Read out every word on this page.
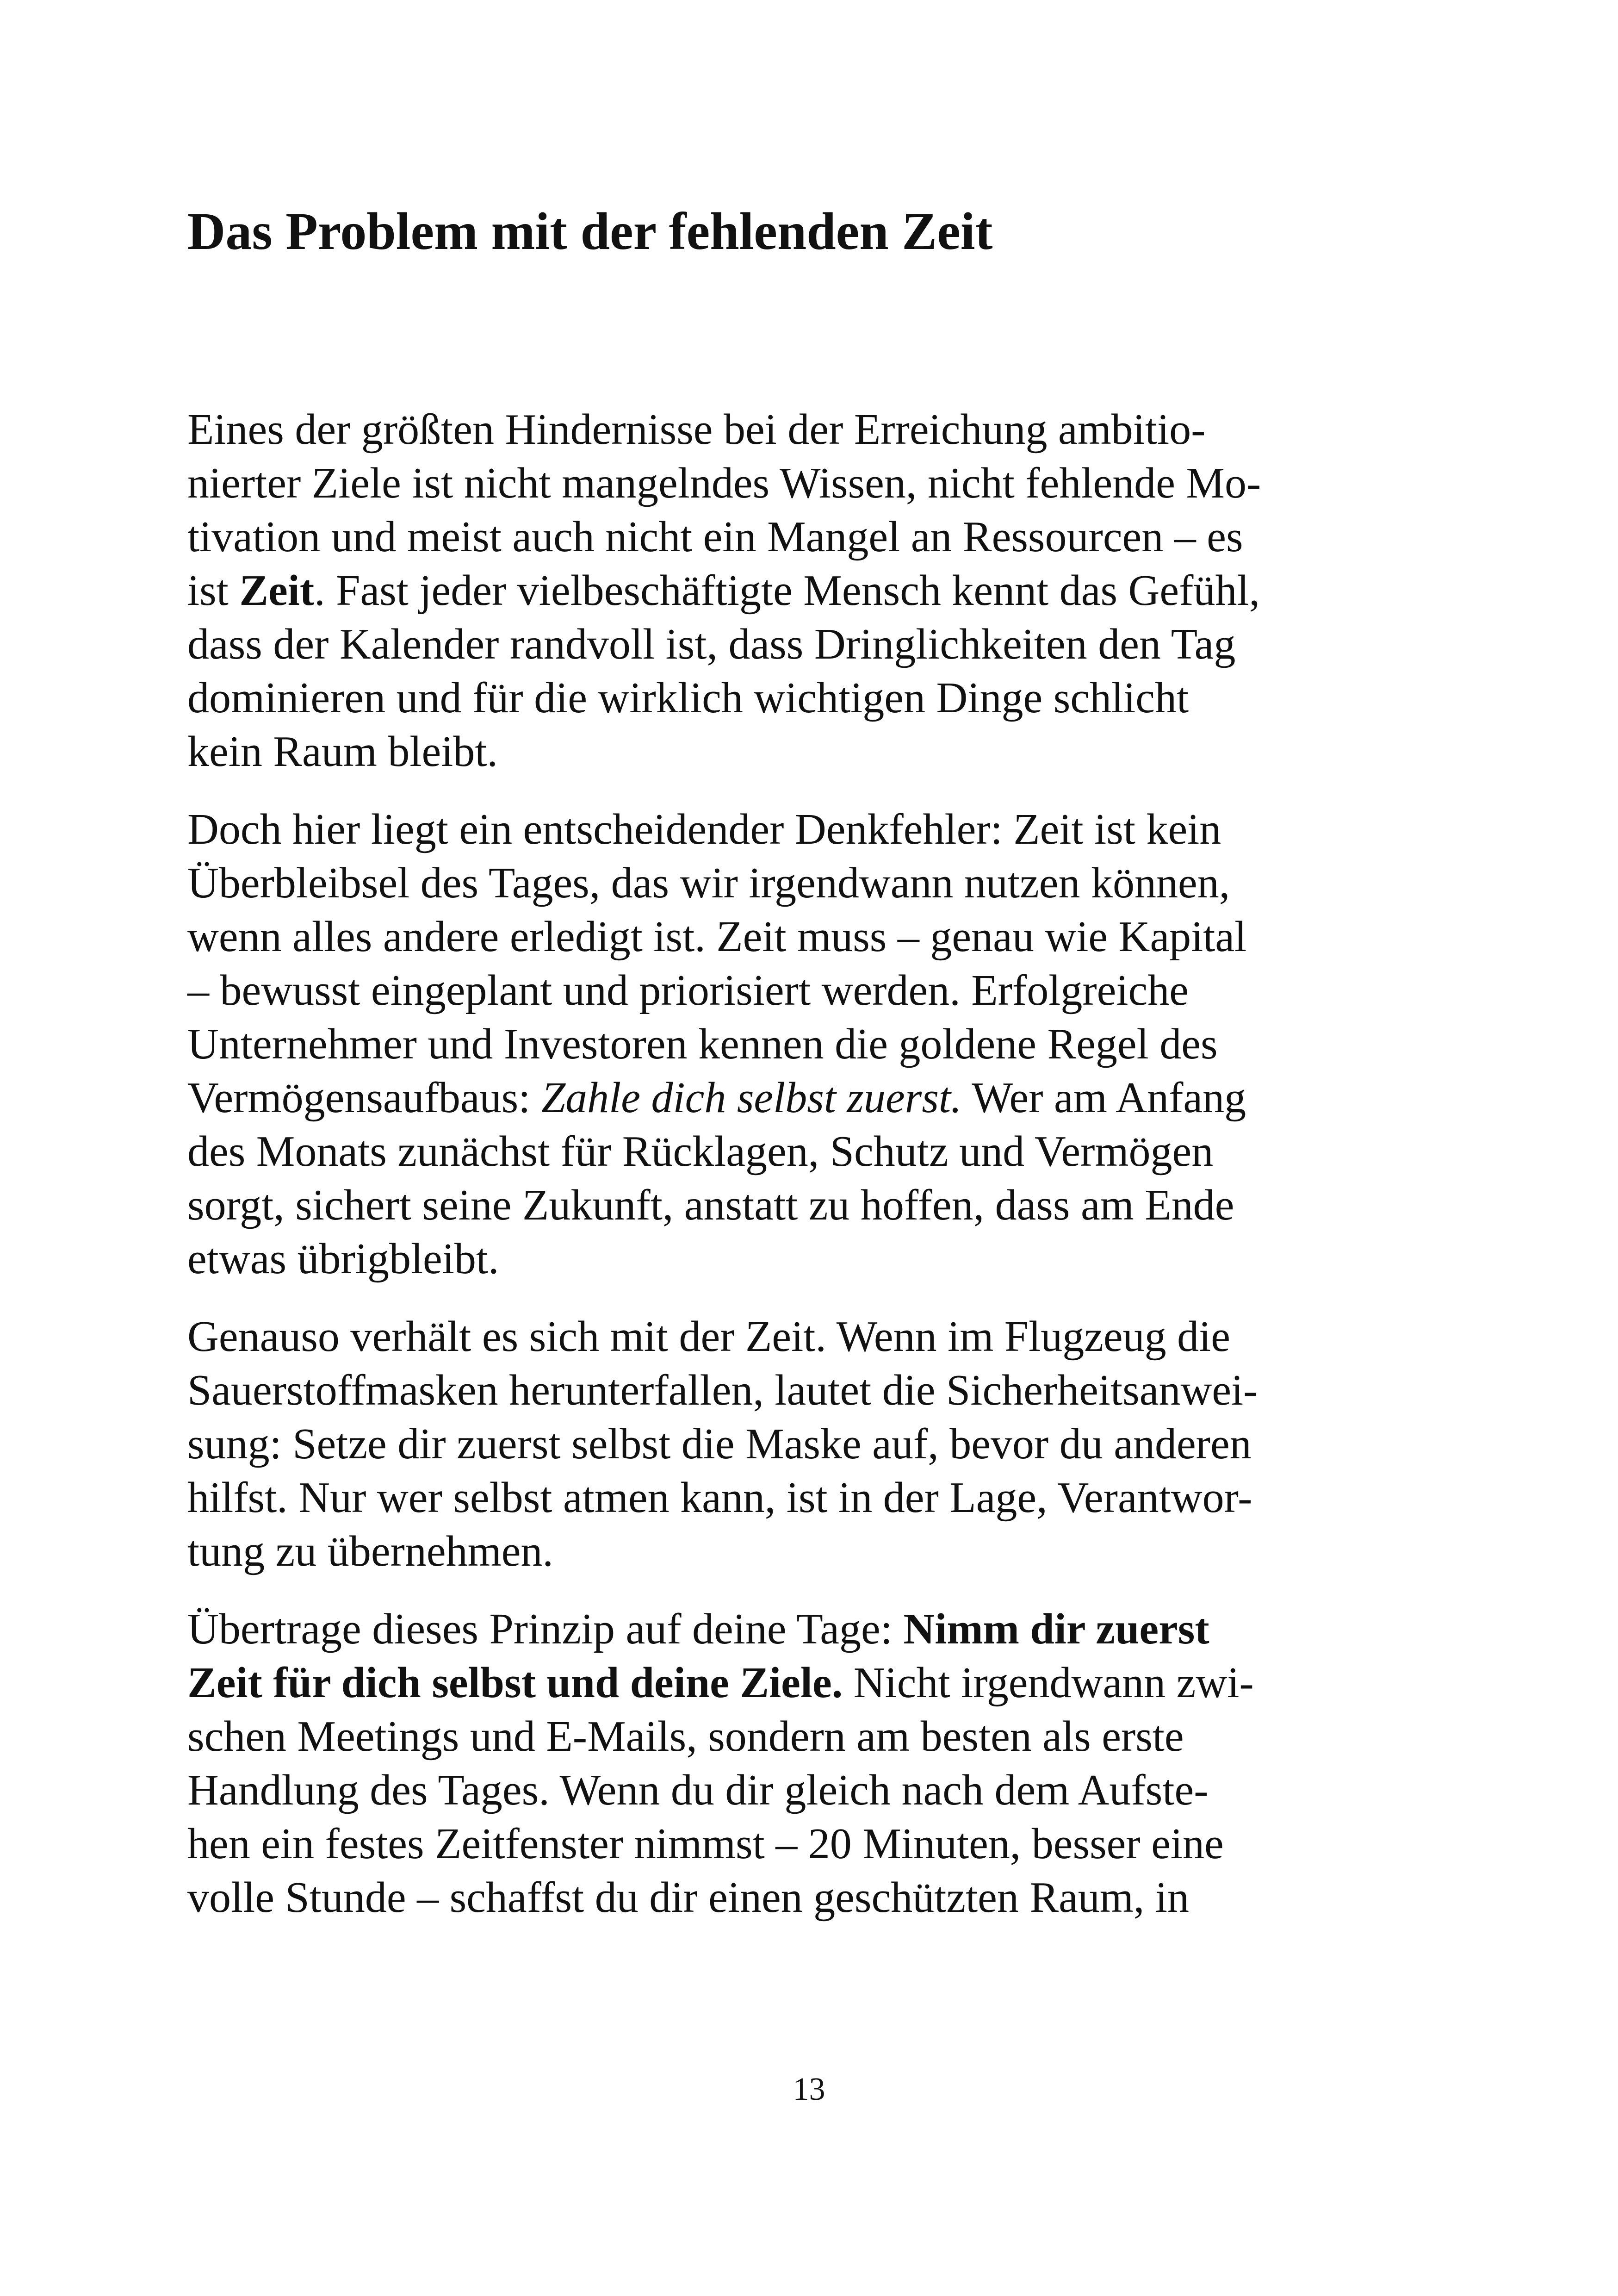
Das Problem mit der fehlenden Zeit

Eines der größten Hindernisse bei der Erreichung ambitio-
nierter Ziele ist nicht mangelndes Wissen, nicht fehlende Mo-
tivation und meist auch nicht ein Mangel an Ressourcen – es
ist Zeit. Fast jeder vielbeschäftigte Mensch kennt das Gefühl,
dass der Kalender randvoll ist, dass Dringlichkeiten den Tag
dominieren und für die wirklich wichtigen Dinge schlicht
kein Raum bleibt.

Doch hier liegt ein entscheidender Denkfehler: Zeit ist kein
Überbleibsel des Tages, das wir irgendwann nutzen können,
wenn alles andere erledigt ist. Zeit muss – genau wie Kapital
– bewusst eingeplant und priorisiert werden. Erfolgreiche
Unternehmer und Investoren kennen die goldene Regel des
Vermögensaufbaus: Zahle dich selbst zuerst. Wer am Anfang
des Monats zunächst für Rücklagen, Schutz und Vermögen
sorgt, sichert seine Zukunft, anstatt zu hoffen, dass am Ende
etwas übrigbleibt.

Genauso verhält es sich mit der Zeit. Wenn im Flugzeug die
Sauerstoffmasken herunterfallen, lautet die Sicherheitsanwei-
sung: Setze dir zuerst selbst die Maske auf, bevor du anderen
hilfst. Nur wer selbst atmen kann, ist in der Lage, Verantwor-
tung zu übernehmen.

Übertrage dieses Prinzip auf deine Tage: Nimm dir zuerst
Zeit für dich selbst und deine Ziele. Nicht irgendwann zwi-
schen Meetings und E-Mails, sondern am besten als erste
Handlung des Tages. Wenn du dir gleich nach dem Aufste-
hen ein festes Zeitfenster nimmst – 20 Minuten, besser eine
volle Stunde – schaffst du dir einen geschützten Raum, in

13
